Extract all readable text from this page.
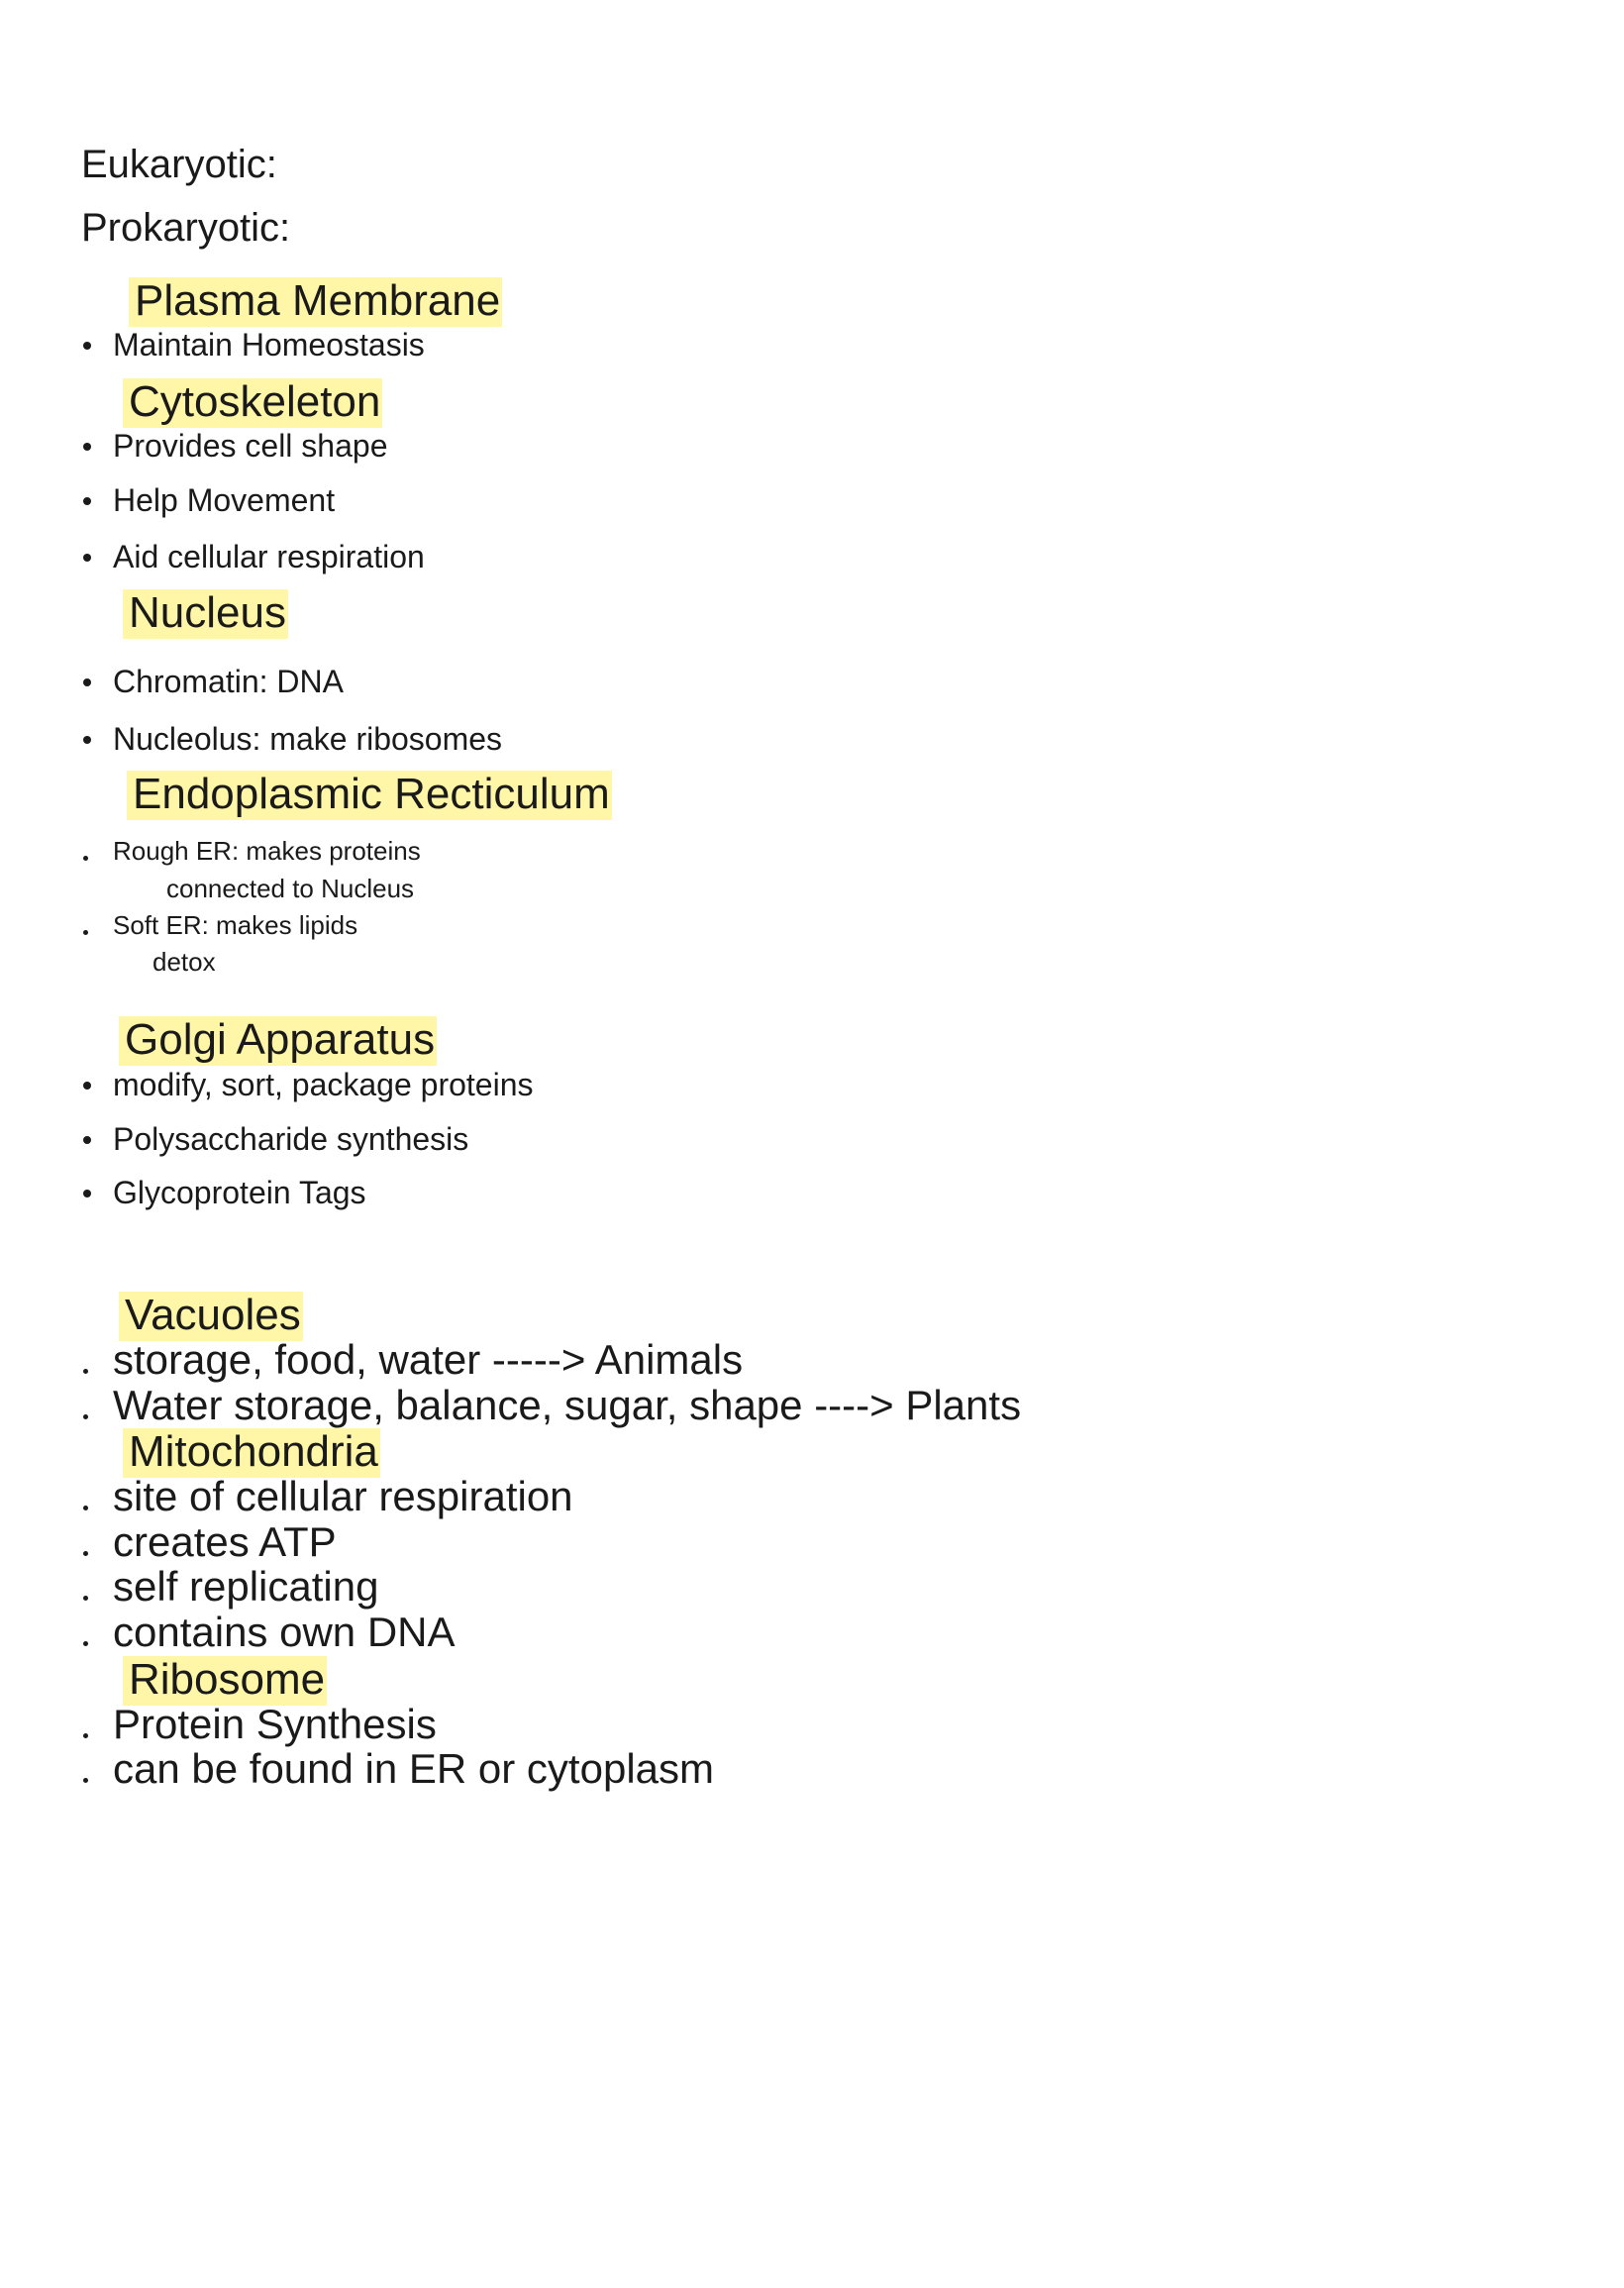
Eukaryotic:
Prokaryotic:
Plasma Membrane
Maintain Homeostasis
Cytoskeleton
Provides cell shape
Help Movement
Aid cellular respiration
Nucleus
Chromatin: DNA
Nucleolus: make ribosomes
Endoplasmic Recticulum
Rough ER: makes proteins
connected to Nucleus
Soft ER: makes lipids
detox
Golgi Apparatus
modify, sort, package proteins
Polysaccharide synthesis
Glycoprotein Tags
Vacuoles
storage, food, water -----> Animals
Water storage, balance, sugar, shape ----> Plants
Mitochondria
site of cellular respiration
creates ATP
self replicating
contains own DNA
Ribosome
Protein Synthesis
can be found in ER or cytoplasm
